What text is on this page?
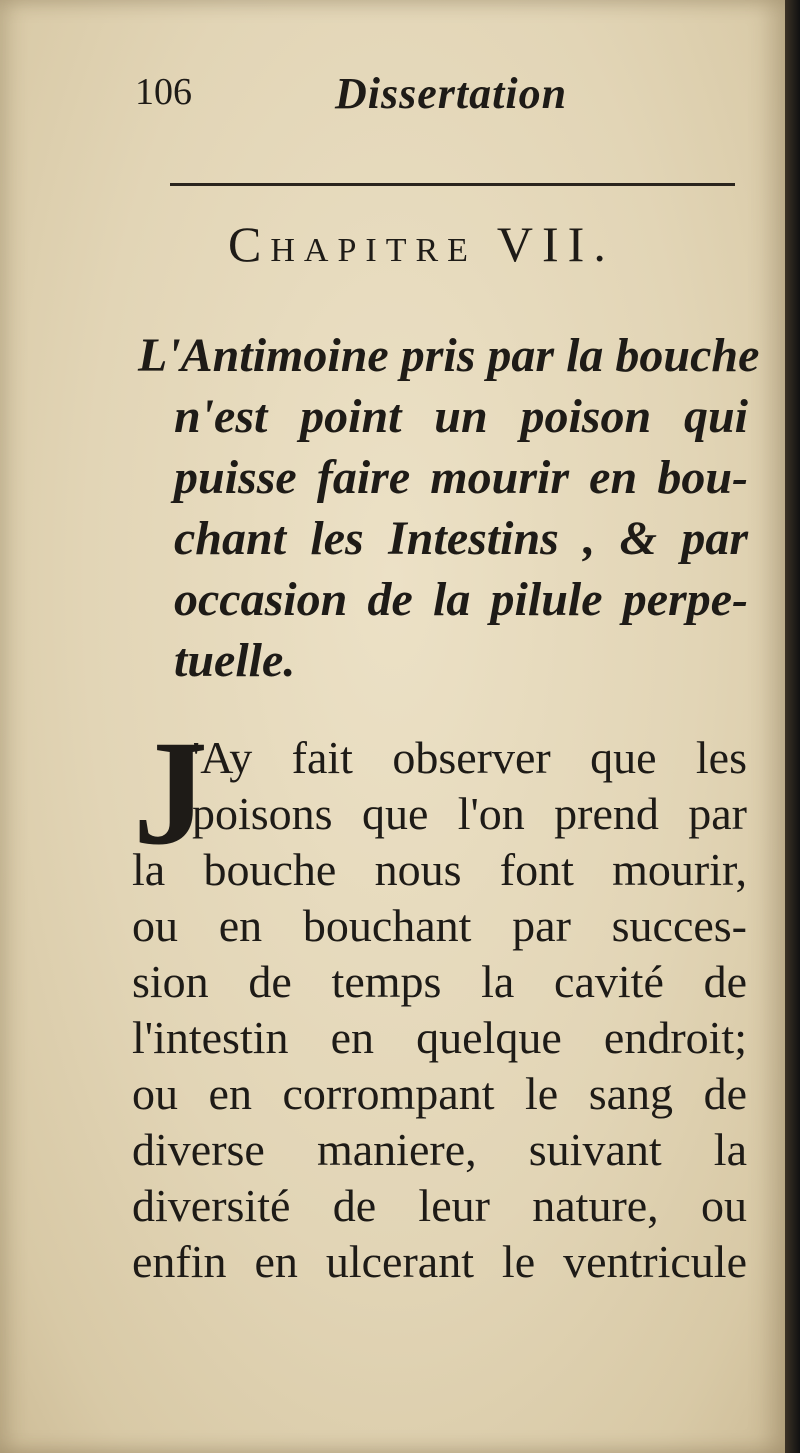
106	Dissertation
CHAPITRE VII.
L'Antimoine pris par la bouche
n'est point un poison qui
puisse faire mourir en bou-
chant les Intestins , & par
occasion de la pilule perpe-
tuelle.
J
'Ay fait observer que les
poisons que l'on prend par
la bouche nous font mourir,
ou en bouchant par succes-
sion de temps la cavité de
l'intestin en quelque endroit;
ou en corrompant le sang de
diverse maniere, suivant la
diversité de leur nature, ou
enfin en ulcerant le ventricule
